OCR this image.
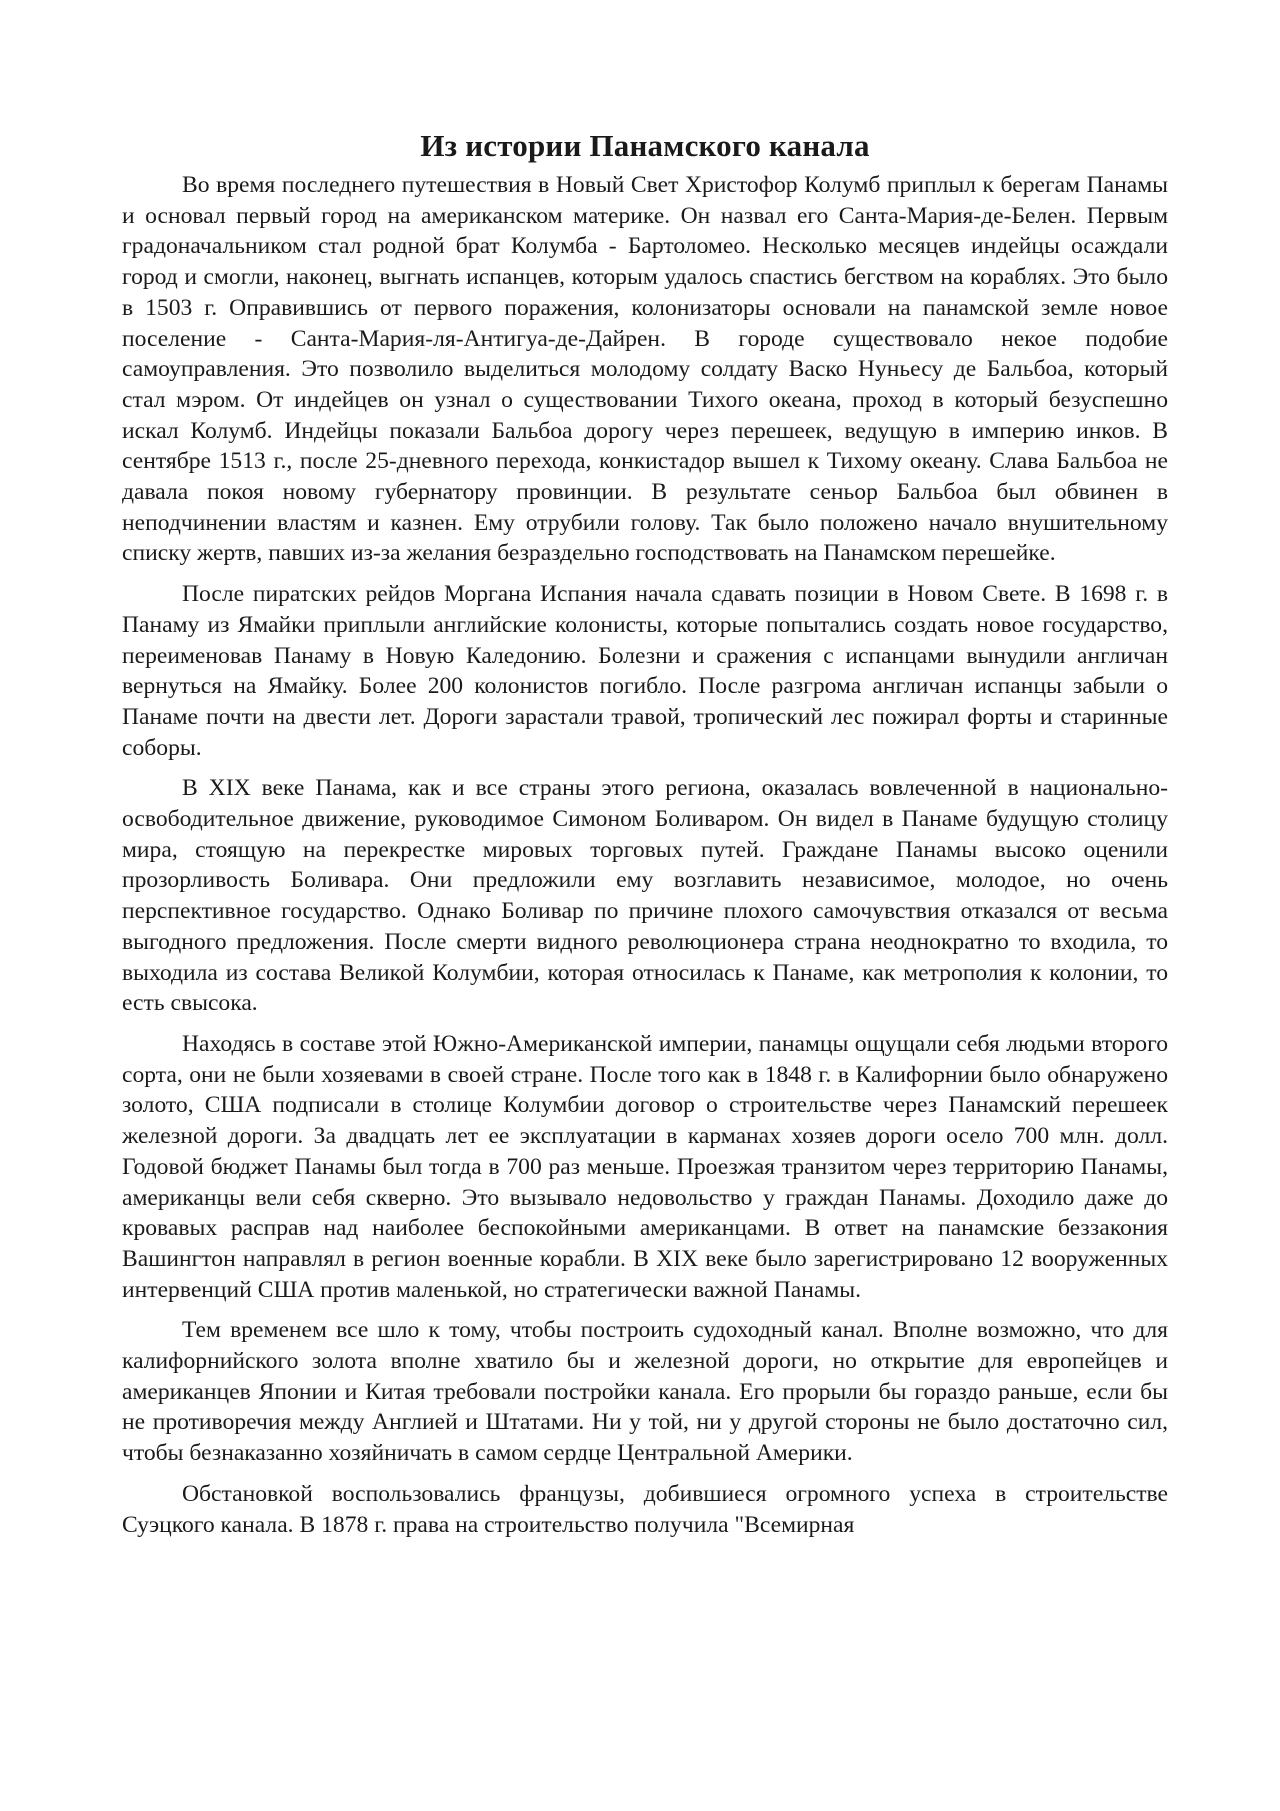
Из истории Панамского канала

Во время последнего путешествия в Новый Свет Христофор Колумб приплыл к берегам Панамы и основал первый город на американском материке. Он назвал его Санта-Мария-де-Белен. Первым градоначальником стал родной брат Колумба - Бартоломео. Несколько месяцев индейцы осаждали город и смогли, наконец, выгнать испанцев, которым удалось спастись бегством на кораблях. Это было в 1503 г. Оправившись от первого поражения, колонизаторы основали на панамской земле новое поселение - Санта-Мария-ля-Антигуа-де-Дайрен. В городе существовало некое подобие самоуправления. Это позволило выделиться молодому солдату Васко Нуньесу де Бальбоа, который стал мэром. От индейцев он узнал о существовании Тихого океана, проход в который безуспешно искал Колумб. Индейцы показали Бальбоа дорогу через перешеек, ведущую в империю инков. В сентябре 1513 г., после 25-дневного перехода, конкистадор вышел к Тихому океану. Слава Бальбоа не давала покоя новому губернатору провинции. В результате сеньор Бальбоа был обвинен в неподчинении властям и казнен. Ему отрубили голову. Так было положено начало внушительному списку жертв, павших из-за желания безраздельно господствовать на Панамском перешейке.

После пиратских рейдов Моргана Испания начала сдавать позиции в Новом Свете. В 1698 г. в Панаму из Ямайки приплыли английские колонисты, которые попытались создать новое государство, переименовав Панаму в Новую Каледонию. Болезни и сражения с испанцами вынудили англичан вернуться на Ямайку. Более 200 колонистов погибло. После разгрома англичан испанцы забыли о Панаме почти на двести лет. Дороги зарастали травой, тропический лес пожирал форты и старинные соборы.

В XIX веке Панама, как и все страны этого региона, оказалась вовлеченной в национально-освободительное движение, руководимое Симоном Боливаром. Он видел в Панаме будущую столицу мира, стоящую на перекрестке мировых торговых путей. Граждане Панамы высоко оценили прозорливость Боливара. Они предложили ему возглавить независимое, молодое, но очень перспективное государство. Однако Боливар по причине плохого самочувствия отказался от весьма выгодного предложения. После смерти видного революционера страна неоднократно то входила, то выходила из состава Великой Колумбии, которая относилась к Панаме, как метрополия к колонии, то есть свысока.

Находясь в составе этой Южно-Американской империи, панамцы ощущали себя людьми второго сорта, они не были хозяевами в своей стране. После того как в 1848 г. в Калифорнии было обнаружено золото, США подписали в столице Колумбии договор о строительстве через Панамский перешеек железной дороги. За двадцать лет ее эксплуатации в карманах хозяев дороги осело 700 млн. долл. Годовой бюджет Панамы был тогда в 700 раз меньше. Проезжая транзитом через территорию Панамы, американцы вели себя скверно. Это вызывало недовольство у граждан Панамы. Доходило даже до кровавых расправ над наиболее беспокойными американцами. В ответ на панамские беззакония Вашингтон направлял в регион военные корабли. В XIX веке было зарегистрировано 12 вооруженных интервенций США против маленькой, но стратегически важной Панамы.

Тем временем все шло к тому, чтобы построить судоходный канал. Вполне возможно, что для калифорнийского золота вполне хватило бы и железной дороги, но открытие для европейцев и американцев Японии и Китая требовали постройки канала. Его прорыли бы гораздо раньше, если бы не противоречия между Англией и Штатами. Ни у той, ни у другой стороны не было достаточно сил, чтобы безнаказанно хозяйничать в самом сердце Центральной Америки.

Обстановкой воспользовались французы, добившиеся огромного успеха в строительстве Суэцкого канала. В 1878 г. права на строительство получила "Всемирная
